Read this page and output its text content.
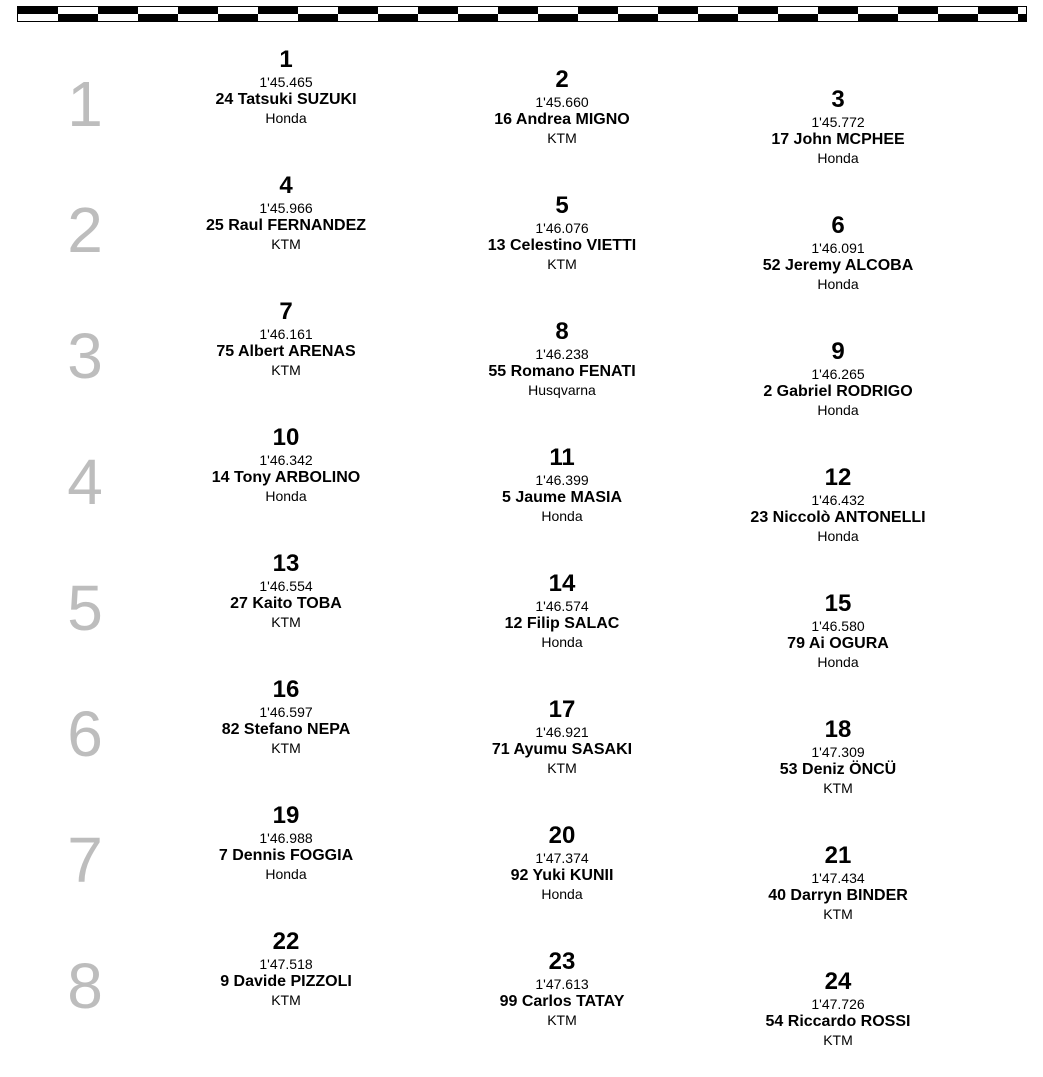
1
1
1'45.465
24 Tatsuki SUZUKI
Honda
2
1'45.660
16 Andrea MIGNO
KTM
3
1'45.772
17 John MCPHEE
Honda
2
4
1'45.966
25 Raul FERNANDEZ
KTM
5
1'46.076
13 Celestino VIETTI
KTM
6
1'46.091
52 Jeremy ALCOBA
Honda
3
7
1'46.161
75 Albert ARENAS
KTM
8
1'46.238
55 Romano FENATI
Husqvarna
9
1'46.265
2 Gabriel RODRIGO
Honda
4
10
1'46.342
14 Tony ARBOLINO
Honda
11
1'46.399
5 Jaume MASIA
Honda
12
1'46.432
23 Niccolò ANTONELLI
Honda
5
13
1'46.554
27 Kaito TOBA
KTM
14
1'46.574
12 Filip SALAC
Honda
15
1'46.580
79 Ai OGURA
Honda
6
16
1'46.597
82 Stefano NEPA
KTM
17
1'46.921
71 Ayumu SASAKI
KTM
18
1'47.309
53 Deniz ÖNCÜ
KTM
7
19
1'46.988
7 Dennis FOGGIA
Honda
20
1'47.374
92 Yuki KUNII
Honda
21
1'47.434
40 Darryn BINDER
KTM
8
22
1'47.518
9 Davide PIZZOLI
KTM
23
1'47.613
99 Carlos TATAY
KTM
24
1'47.726
54 Riccardo ROSSI
KTM
